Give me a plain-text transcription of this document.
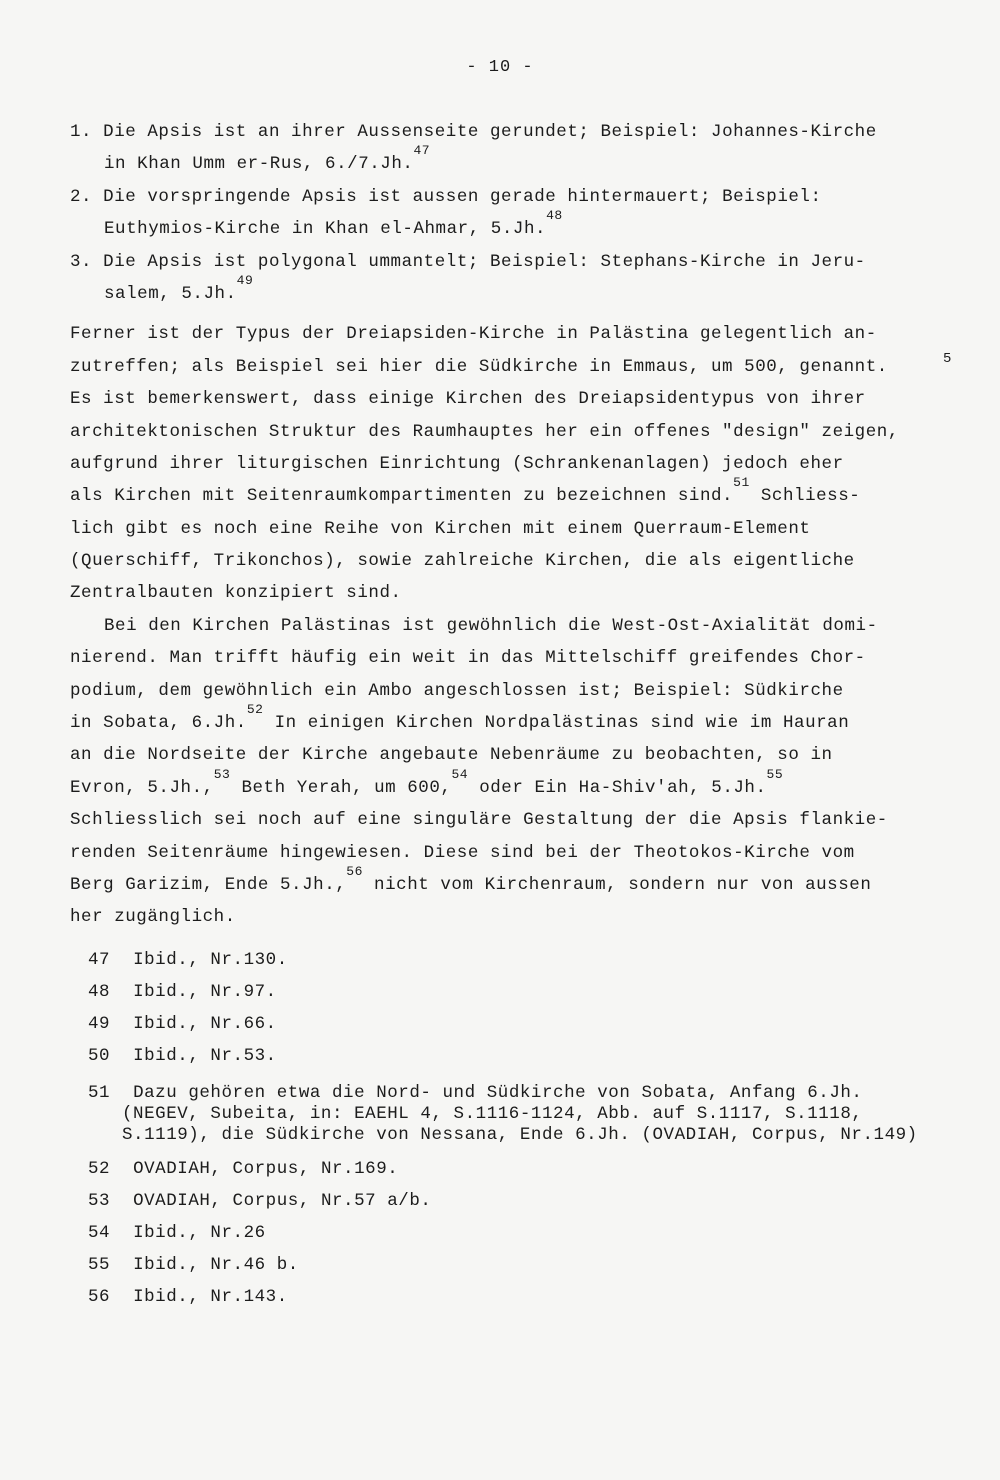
- 10 -
1. Die Apsis ist an ihrer Aussenseite gerundet; Beispiel: Johannes-Kirche
in Khan Umm er-Rus, 6./7.Jh.$^{47}$
2. Die vorspringende Apsis ist aussen gerade hintermauert; Beispiel:
Euthymios-Kirche in Khan el-Ahmar, 5.Jh.$^{48}$
3. Die Apsis ist polygonal ummantelt; Beispiel: Stephans-Kirche in Jeru-
salem, 5.Jh.$^{49}$
Ferner ist der Typus der Dreiapsiden-Kirche in Palästina gelegentlich an-
zutreffen; als Beispiel sei hier die Südkirche in Emmaus, um 500, genannt.	5
Es ist bemerkenswert, dass einige Kirchen des Dreiapsidentypus von ihrer
architektonischen Struktur des Raumhauptes her ein offenes "design" zeigen,
aufgrund ihrer liturgischen Einrichtung (Schrankenanlagen) jedoch eher
als Kirchen mit Seitenraumkompartimenten zu bezeichnen sind.$^{51}$ Schliess-
lich gibt es noch eine Reihe von Kirchen mit einem Querraum-Element
(Querschiff, Trikonchos), sowie zahlreiche Kirchen, die als eigentliche
Zentralbauten konzipiert sind.
Bei den Kirchen Palästinas ist gewöhnlich die West-Ost-Axialität domi-
nierend. Man trifft häufig ein weit in das Mittelschiff greifendes Chor-
podium, dem gewöhnlich ein Ambo angeschlossen ist; Beispiel: Südkirche
in Sobata, 6.Jh.$^{52}$ In einigen Kirchen Nordpalästinas sind wie im Hauran
an die Nordseite der Kirche angebaute Nebenräume zu beobachten, so in
Evron, 5.Jh.,$^{53}$ Beth Yerah, um 600,54 oder Ein Ha-Shiv'ah, 5.Jh.$^{55}$
Schliesslich sei noch auf eine singuläre Gestaltung der die Apsis flankie-
renden Seitenräume hingewiesen. Diese sind bei der Theotokos-Kirche vom
Berg Garizim, Ende 5.Jh.,$^{56}$ nicht vom Kirchenraum, sondern nur von aussen
her zugänglich.
47 Ibid., Nr.130.
48 Ibid., Nr.97.
49 Ibid., Nr.66.
50 Ibid., Nr.53.
51 Dazu gehören etwa die Nord- und Südkirche von Sobata, Anfang 6.Jh.
(NEGEV, Subeita, in: EAEHL 4, S.1116-1124, Abb. auf S.1117, S.1118,
S.1119), die Südkirche von Nessana, Ende 6.Jh. (OVADIAH, Corpus, Nr.149)
52 OVADIAH, Corpus, Nr.169.
53 OVADIAH, Corpus, Nr.57 a/b.
54 Ibid., Nr.26
55 Ibid., Nr.46 b.
56 Ibid., Nr.143.
